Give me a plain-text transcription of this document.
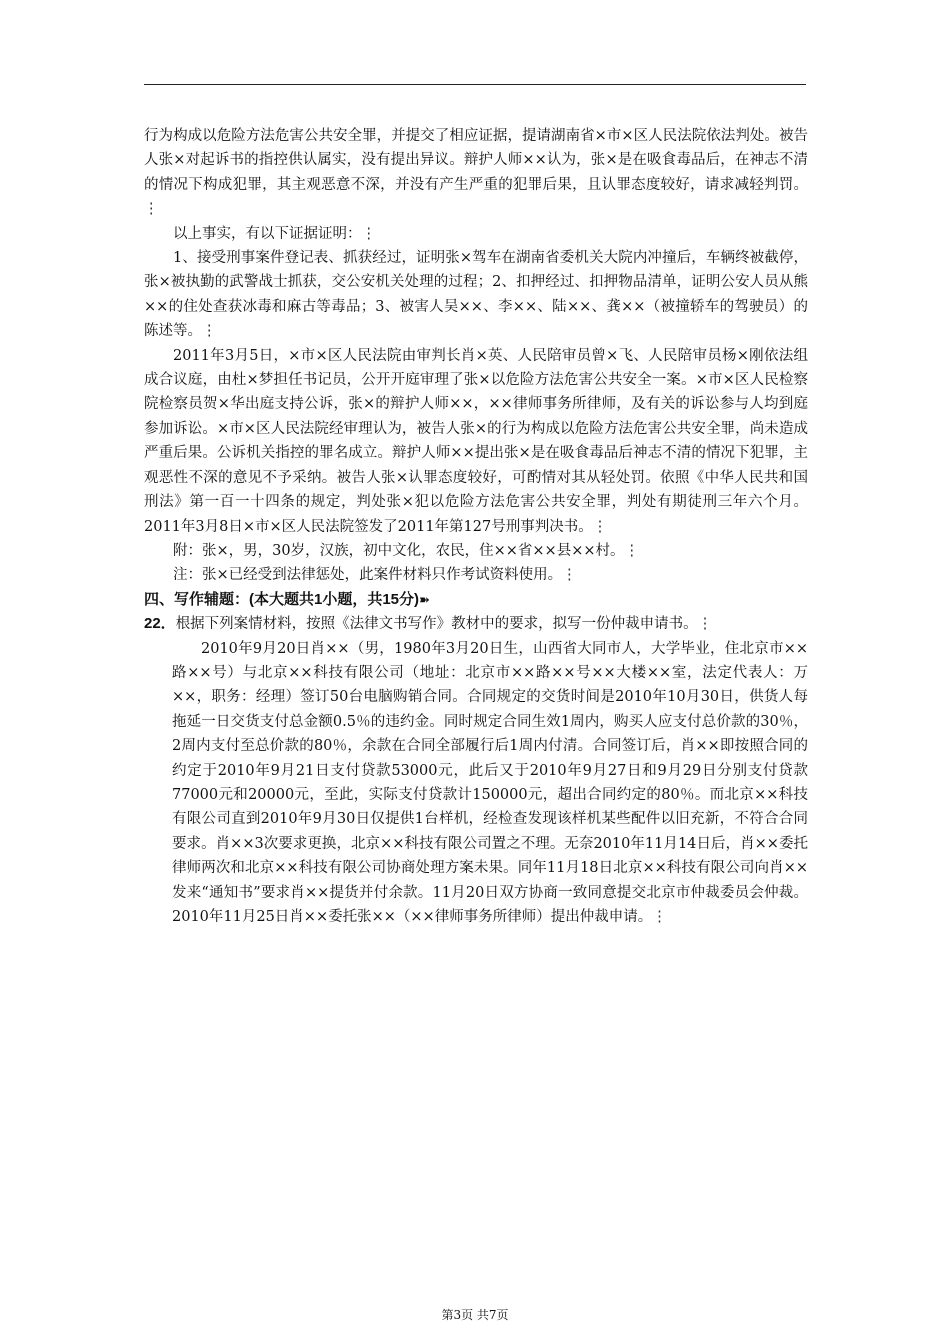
行为构成以危险方法危害公共安全罪，并提交了相应证据，提请湖南省×市×区人民法院依法判处。被告人张×对起诉书的指控供认属实，没有提出异议。辩护人师××认为，张×是在吸食毒品后，在神志不清的情况下构成犯罪，其主观恶意不深，并没有产生严重的犯罪后果，且认罪态度较好，请求减轻判罚。⋮

以上事实，有以下证据证明：⋮

1、接受刑事案件登记表、抓获经过，证明张×驾车在湖南省委机关大院内冲撞后，车辆终被截停，张×被执勤的武警战士抓获，交公安机关处理的过程；2、扣押经过、扣押物品清单，证明公安人员从熊××的住处查获冰毒和麻古等毒品；3、被害人吴××、李××、陆××、龚××（被撞轿车的驾驶员）的陈述等。⋮

2011年3月5日，×市×区人民法院由审判长肖×英、人民陪审员曾×飞、人民陪审员杨×刚依法组成合议庭，由杜×梦担任书记员，公开开庭审理了张×以危险方法危害公共安全一案。×市×区人民检察院检察员贺×华出庭支持公诉，张×的辩护人师××，××律师事务所律师，及有关的诉讼参与人均到庭参加诉讼。×市×区人民法院经审理认为，被告人张×的行为构成以危险方法危害公共安全罪，尚未造成严重后果。公诉机关指控的罪名成立。辩护人师××提出张×是在吸食毒品后神志不清的情况下犯罪，主观恶性不深的意见不予采纳。被告人张×认罪态度较好，可酌情对其从轻处罚。依照《中华人民共和国刑法》第一百一十四条的规定，判处张×犯以危险方法危害公共安全罪，判处有期徒刑三年六个月。2011年3月8日×市×区人民法院签发了2011年第127号刑事判决书。⋮

附：张×，男，30岁，汉族，初中文化，农民，住××省××县××村。⋮

注：张×已经受到法律惩处，此案件材料只作考试资料使用。⋮

四、写作辅题：(本大题共1小题，共15分)➽

22．根据下列案情材料，按照《法律文书写作》教材中的要求，拟写一份仲裁申请书。⋮

2010年9月20日肖××（男，1980年3月20日生，山西省大同市人，大学毕业，住北京市××路××号）与北京××科技有限公司（地址：北京市××路××号××大楼××室，法定代表人：万××，职务：经理）签订50台电脑购销合同。合同规定的交货时间是2010年10月30日，供货人每拖延一日交货支付总金额0.5％的违约金。同时规定合同生效1周内，购买人应支付总价款的30％，2周内支付至总价款的80％，余款在合同全部履行后1周内付清。合同签订后，肖××即按照合同的约定于2010年9月21日支付贷款53000元，此后又于2010年9月27日和9月29日分别支付贷款77000元和20000元，至此，实际支付贷款计150000元，超出合同约定的80％。而北京××科技有限公司直到2010年9月30日仅提供1台样机，经检查发现该样机某些配件以旧充新，不符合合同要求。肖××3次要求更换，北京××科技有限公司置之不理。无奈2010年11月14日后，肖××委托律师两次和北京××科技有限公司协商处理方案未果。同年11月18日北京××科技有限公司向肖××发来“通知书”要求肖××提货并付余款。11月20日双方协商一致同意提交北京市仲裁委员会仲裁。2010年11月25日肖××委托张××（××律师事务所律师）提出仲裁申请。⋮

第3页 共7页
